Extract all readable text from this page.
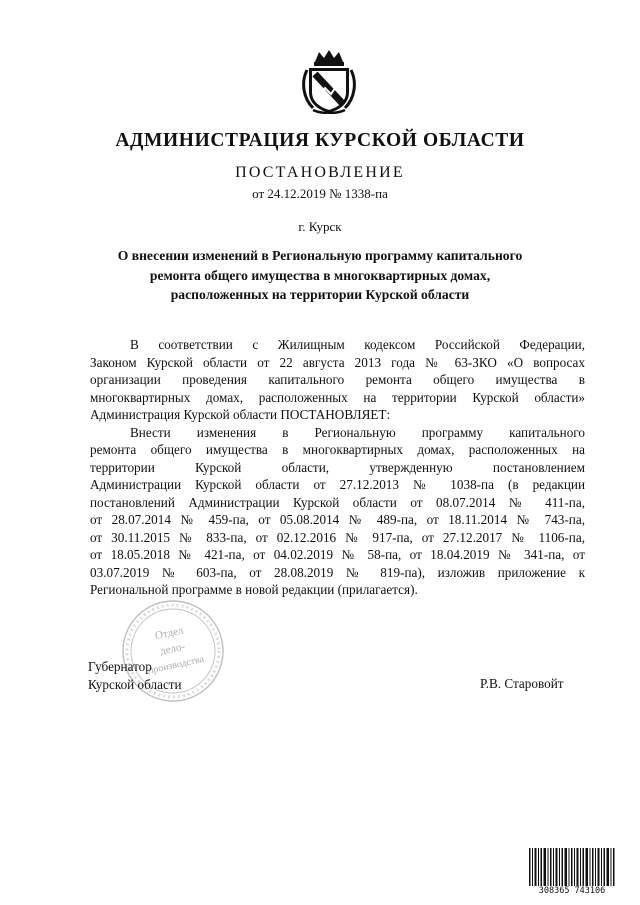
АДМИНИСТРАЦИЯ КУРСКОЙ ОБЛАСТИ
ПОСТАНОВЛЕНИЕ
от 24.12.2019 № 1338-па
г. Курск
О внесении изменений в Региональную программу капитального
ремонта общего имущества в многоквартирных домах,
расположенных на территории Курской области
В соответствии с Жилищным кодексом Российской Федерации,
Законом Курской области от 22 августа 2013 года № 63-ЗКО «О вопросах
организации проведения капитального ремонта общего имущества в
многоквартирных домах, расположенных на территории Курской области»
Администрация Курской области ПОСТАНОВЛЯЕТ:
Внести изменения в Региональную программу капитального
ремонта общего имущества в многоквартирных домах, расположенных на
территории Курской области, утвержденную постановлением
Администрации Курской области от 27.12.2013 № 1038-па (в редакции
постановлений Администрации Курской области от 08.07.2014 № 411-па,
от 28.07.2014 № 459-па, от 05.08.2014 № 489-па, от 18.11.2014 № 743-па,
от 30.11.2015 № 833-па, от 02.12.2016 № 917-па, от 27.12.2017 № 1106-па,
от 18.05.2018 № 421-па, от 04.02.2019 № 58-па, от 18.04.2019 № 341-па, от
03.07.2019 № 603-па, от 28.08.2019 № 819-па), изложив приложение к
Региональной программе в новой редакции (прилагается).
Отдел
дело-
производства
Губернатор
Курской области	Р.В. Старовойт
308365 743106
